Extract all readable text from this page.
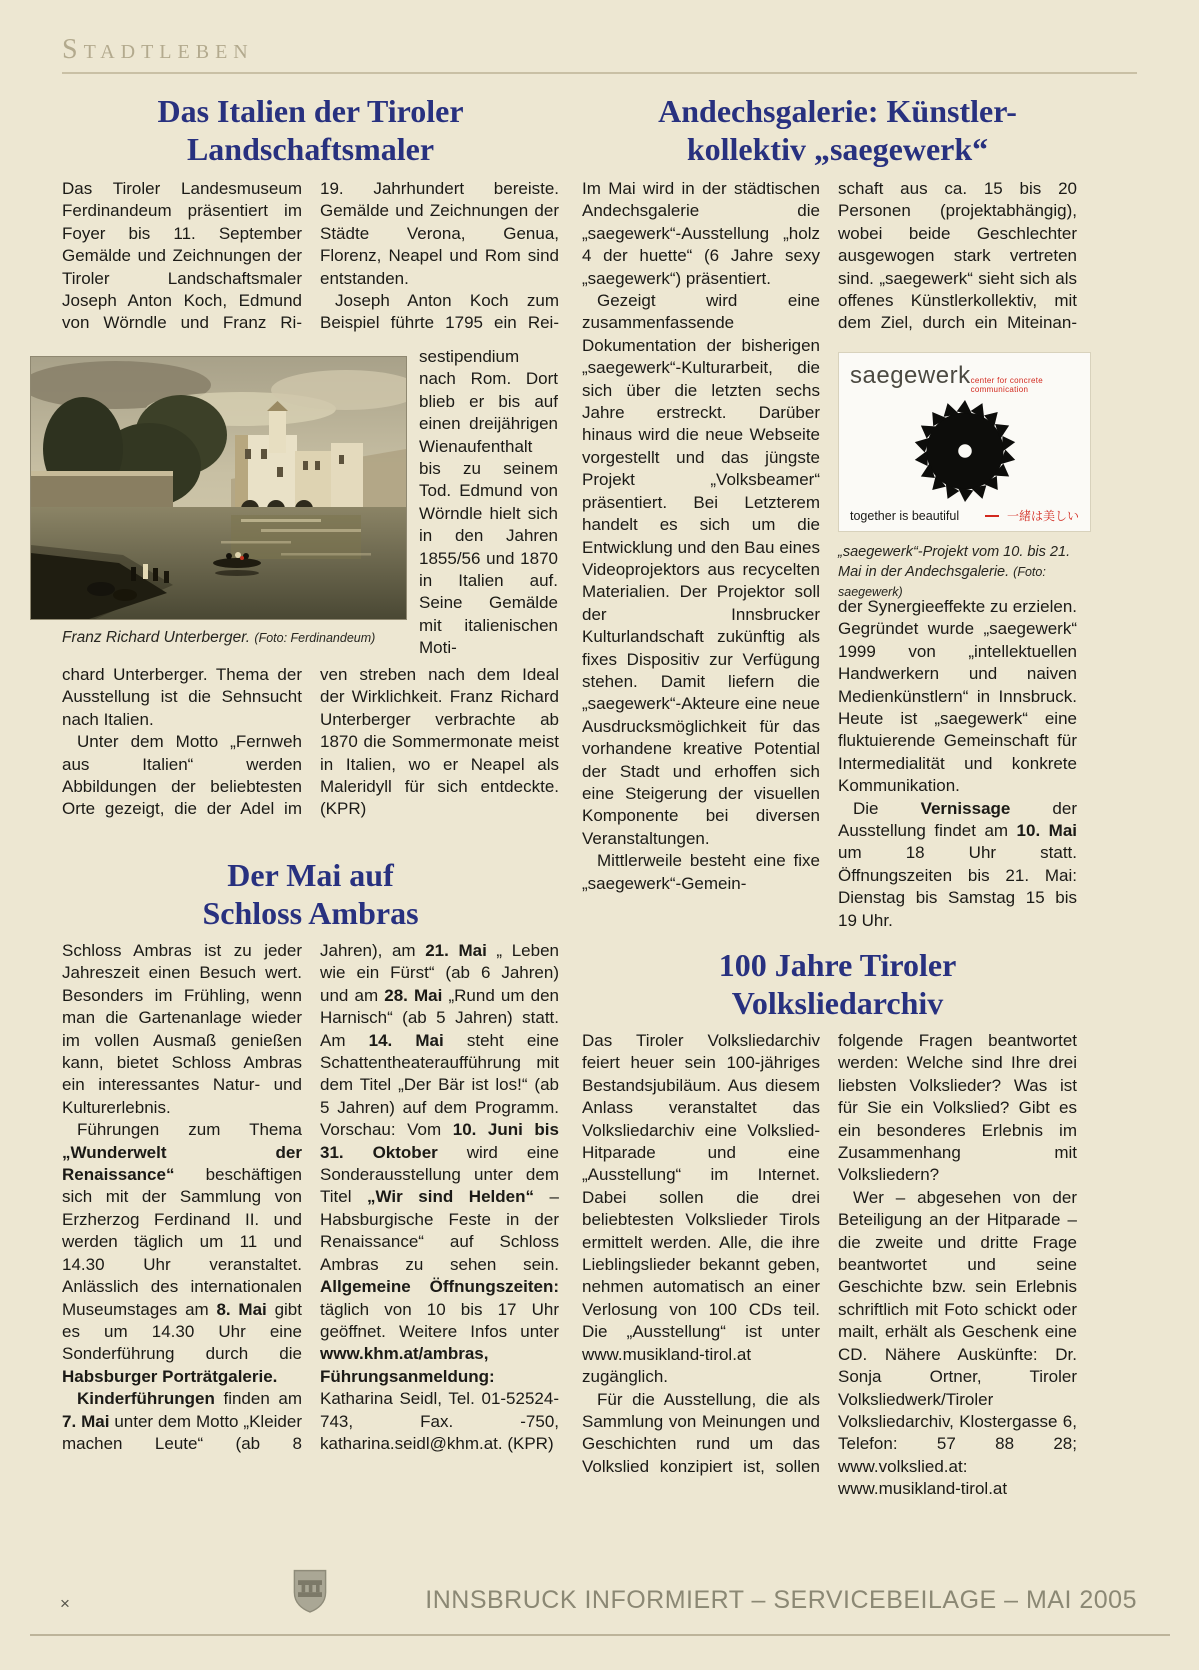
Stadtleben
Das Italien der Tiroler
Landschaftsmaler

Das Tiroler Landesmuseum Ferdinandeum präsentiert im Foyer bis 11. September Gemälde und Zeichnungen der Tiroler Landschaftsmaler Joseph Anton Koch, Edmund von Wörndle und Franz Ri-

19. Jahrhundert bereiste. Gemälde und Zeichnungen der Städte Verona, Genua, Florenz, Neapel und Rom sind entstanden.

Joseph Anton Koch zum Beispiel führte 1795 ein Rei-

Franz Richard Unterberger. (Foto: Ferdinandeum)

sestipendium nach Rom. Dort blieb er bis auf einen dreijährigen Wienaufenthalt bis zu seinem Tod. Edmund von Wörndle hielt sich in den Jahren 1855/56 und 1870 in Italien auf. Seine Gemälde mit italienischen Moti-

chard Unterberger. Thema der Ausstellung ist die Sehnsucht nach Italien.

Unter dem Motto „Fernweh aus Italien“ werden Abbildungen der beliebtesten Orte gezeigt, die der Adel im

ven streben nach dem Ideal der Wirklichkeit. Franz Richard Unterberger verbrachte ab 1870 die Sommermonate meist in Italien, wo er Neapel als Maleridyll für sich entdeckte. (KPR)

Der Mai auf
Schloss Ambras

Schloss Ambras ist zu jeder Jahreszeit einen Besuch wert. Besonders im Frühling, wenn man die Gartenanlage wieder im vollen Ausmaß genießen kann, bietet Schloss Ambras ein interessantes Natur- und Kulturerlebnis.

Führungen zum Thema „Wunderwelt der Renaissance“ beschäftigen sich mit der Sammlung von Erzherzog Ferdinand II. und werden täglich um 11 und 14.30 Uhr veranstaltet. Anlässlich des internationalen Museumstages am 8. Mai gibt es um 14.30 Uhr eine Sonderführung durch die Habsburger Porträtgalerie.

Kinderführungen finden am 7. Mai unter dem Motto „Kleider machen Leute“ (ab 8

Jahren), am 21. Mai „ Leben wie ein Fürst“ (ab 6 Jahren) und am 28. Mai „Rund um den Harnisch“ (ab 5 Jahren) statt. Am 14. Mai steht eine Schattentheateraufführung mit dem Titel „Der Bär ist los!“ (ab 5 Jahren) auf dem Programm. Vorschau: Vom 10. Juni bis 31. Oktober wird eine Sonderausstellung unter dem Titel „Wir sind Helden“ – Habsburgische Feste in der Renaissance“ auf Schloss Ambras zu sehen sein. Allgemeine Öffnungszeiten: täglich von 10 bis 17 Uhr geöffnet. Weitere Infos unter www.khm.at/ambras, Führungsanmeldung: Katharina Seidl, Tel. 01-52524-743, Fax. -750, katharina.seidl@khm.at. (KPR)

Andechsgalerie: Künstler-
kollektiv „saegewerk“

Im Mai wird in der städtischen Andechsgalerie die „saegewerk“-Ausstellung „holz 4 der huette“ (6 Jahre sexy „saegewerk“) präsentiert.

Gezeigt wird eine zusammenfassende Dokumentation der bisherigen „saegewerk“-Kulturarbeit, die sich über die letzten sechs Jahre erstreckt. Darüber hinaus wird die neue Webseite vorgestellt und das jüngste Projekt „Volksbeamer“ präsentiert. Bei Letzterem handelt es sich um die Entwicklung und den Bau eines Videoprojektors aus recycelten Materialien. Der Projektor soll der Innsbrucker Kulturlandschaft zukünftig als fixes Dispositiv zur Verfügung stehen. Damit liefern die „saegewerk“-Akteure eine neue Ausdrucksmöglichkeit für das vorhandene kreative Potential der Stadt und erhoffen sich eine Steigerung der visuellen Komponente bei diversen Veranstaltungen.

Mittlerweile besteht eine fixe „saegewerk“-Gemein-

schaft aus ca. 15 bis 20 Personen (projektabhängig), wobei beide Geschlechter ausgewogen stark vertreten sind. „saegewerk“ sieht sich als offenes Künstlerkollektiv, mit dem Ziel, durch ein Miteinan-

saegewerk center for concrete communication
together is beautiful	一緒は美しい
„saegewerk“-Projekt vom 10. bis 21. Mai in der Andechsgalerie. (Foto: saegewerk)

der Synergieeffekte zu erzielen. Gegründet wurde „saegewerk“ 1999 von „intellektuellen Handwerkern und naiven Medienkünstlern“ in Innsbruck. Heute ist „saegewerk“ eine fluktuierende Gemeinschaft für Intermedialität und konkrete Kommunikation.

Die Vernissage der Ausstellung findet am 10. Mai um 18 Uhr statt. Öffnungszeiten bis 21. Mai: Dienstag bis Samstag 15 bis 19 Uhr.

100 Jahre Tiroler
Volksliedarchiv

Das Tiroler Volksliedarchiv feiert heuer sein 100-jähriges Bestandsjubiläum. Aus diesem Anlass veranstaltet das Volksliedarchiv eine Volkslied-Hitparade und eine „Ausstellung“ im Internet. Dabei sollen die drei beliebtesten Volkslieder Tirols ermittelt werden. Alle, die ihre Lieblingslieder bekannt geben, nehmen automatisch an einer Verlosung von 100 CDs teil. Die „Ausstellung“ ist unter www.musikland-tirol.at zugänglich.

Für die Ausstellung, die als Sammlung von Meinungen und Geschichten rund um das Volkslied konzipiert ist, sollen

folgende Fragen beantwortet werden: Welche sind Ihre drei liebsten Volkslieder? Was ist für Sie ein Volkslied? Gibt es ein besonderes Erlebnis im Zusammenhang mit Volksliedern?

Wer – abgesehen von der Beteiligung an der Hitparade – die zweite und dritte Frage beantwortet und seine Geschichte bzw. sein Erlebnis schriftlich mit Foto schickt oder mailt, erhält als Geschenk eine CD. Nähere Auskünfte: Dr. Sonja Ortner, Tiroler Volksliedwerk/Tiroler Volksliedarchiv, Klostergasse 6, Telefon: 57 88 28; www.volkslied.at: www.musikland-tirol.at

×	INNSBRUCK INFORMIERT – SERVICEBEILAGE – MAI 2005
